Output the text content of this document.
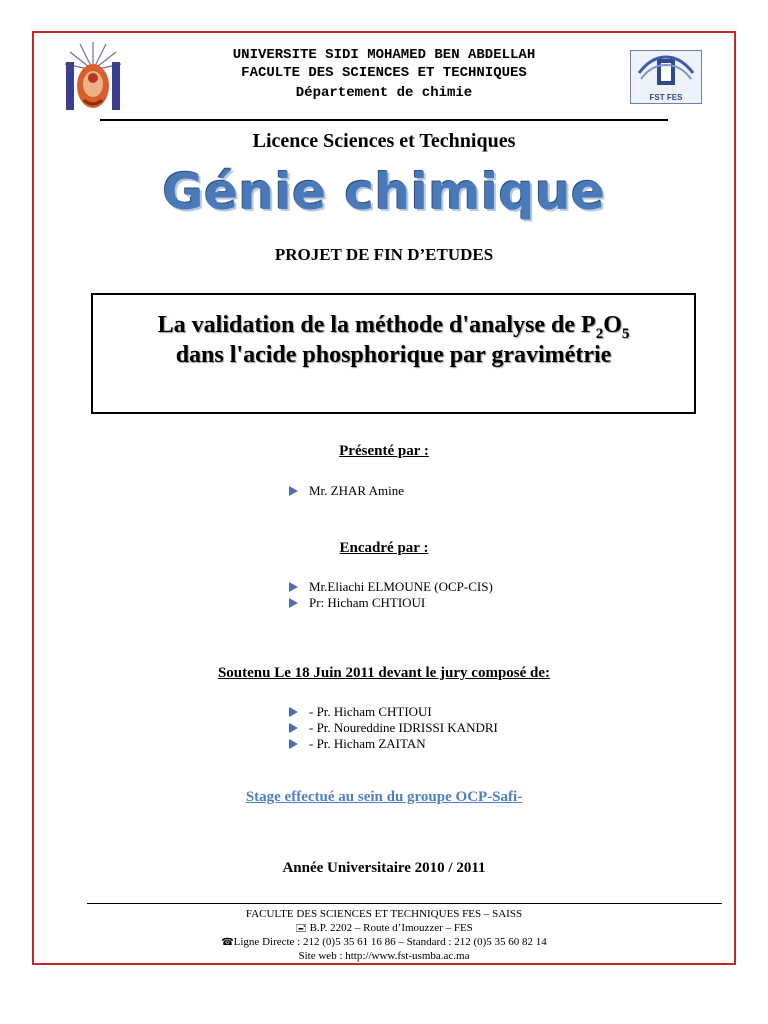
FST FES
UNIVERSITE SIDI MOHAMED BEN ABDELLAH
FACULTE DES SCIENCES ET TECHNIQUES
Département de chimie
Licence Sciences et Techniques
Génie chimique
PROJET DE FIN D’ETUDES
La validation de la méthode d'analyse de $P_2O_5$
dans l'acide phosphorique par gravimétrie
Présenté par :
Mr. ZHAR Amine
Encadré par :
Mr.Eliachi ELMOUNE (OCP-CIS)
Pr: Hicham CHTIOUI
Soutenu Le 18 Juin 2011 devant le jury composé de:
- Pr. Hicham CHTIOUI
- Pr. Noureddine IDRISSI KANDRI
- Pr. Hicham ZAITAN
Stage effectué au sein du groupe OCP-Safi-
Année Universitaire 2010 / 2011
FACULTE DES SCIENCES ET TECHNIQUES FES – SAISS
🖃 B.P. 2202 – Route d’Imouzzer – FES
☎Ligne Directe : 212 (0)5 35 61 16 86 – Standard : 212 (0)5 35 60 82 14
Site web : http://www.fst-usmba.ac.ma
